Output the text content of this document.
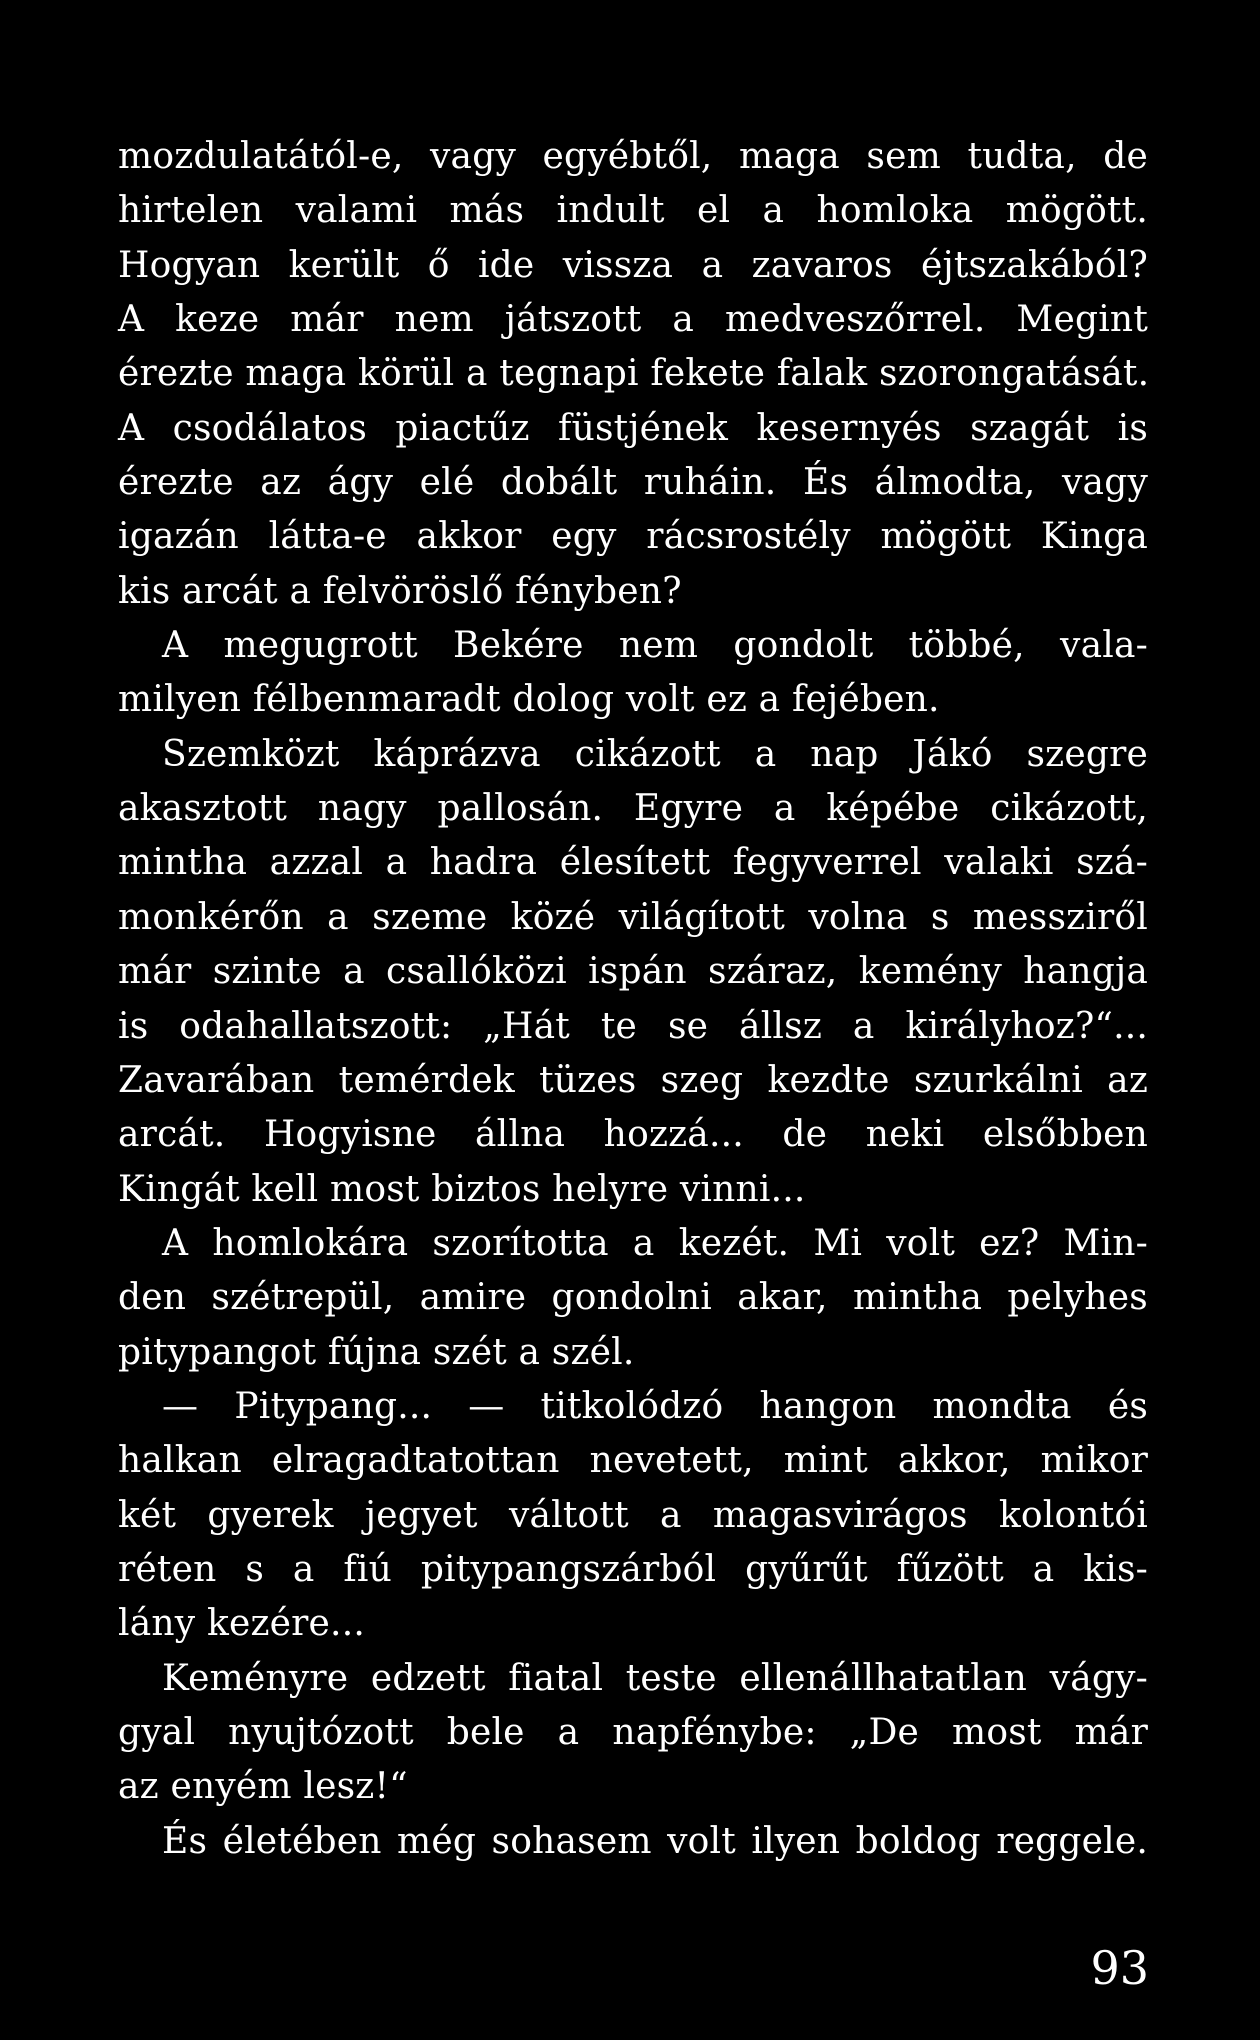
mozdulatától-e, vagy egyébtől, maga sem tudta, de
hirtelen valami más indult el a homloka mögött.
Hogyan került ő ide vissza a zavaros éjtszakából?
A keze már nem játszott a medveszőrrel. Megint
érezte maga körül a tegnapi fekete falak szorongatását.
A csodálatos piactűz füstjének kesernyés szagát is
érezte az ágy elé dobált ruháin. És álmodta, vagy
igazán látta-e akkor egy rácsrostély mögött Kinga
kis arcát a felvöröslő fényben?
A megugrott Bekére nem gondolt többé, vala-
milyen félbenmaradt dolog volt ez a fejében.
Szemközt káprázva cikázott a nap Jákó szegre
akasztott nagy pallosán. Egyre a képébe cikázott,
mintha azzal a hadra élesített fegyverrel valaki szá-
monkérőn a szeme közé világított volna s messziről
már szinte a csallóközi ispán száraz, kemény hangja
is odahallatszott: „Hát te se állsz a királyhoz?“...
Zavarában temérdek tüzes szeg kezdte szurkálni az
arcát. Hogyisne állna hozzá... de neki elsőbben
Kingát kell most biztos helyre vinni...
A homlokára szorította a kezét. Mi volt ez? Min-
den szétrepül, amire gondolni akar, mintha pelyhes
pitypangot fújna szét a szél.
— Pitypang... — titkolódzó hangon mondta és
halkan elragadtatottan nevetett, mint akkor, mikor
két gyerek jegyet váltott a magasvirágos kolontói
réten s a fiú pitypangszárból gyűrűt fűzött a kis-
lány kezére...
Keményre edzett fiatal teste ellenállhatatlan vágy-
gyal nyujtózott bele a napfénybe: „De most már
az enyém lesz!“
És életében még sohasem volt ilyen boldog reggele.
93
